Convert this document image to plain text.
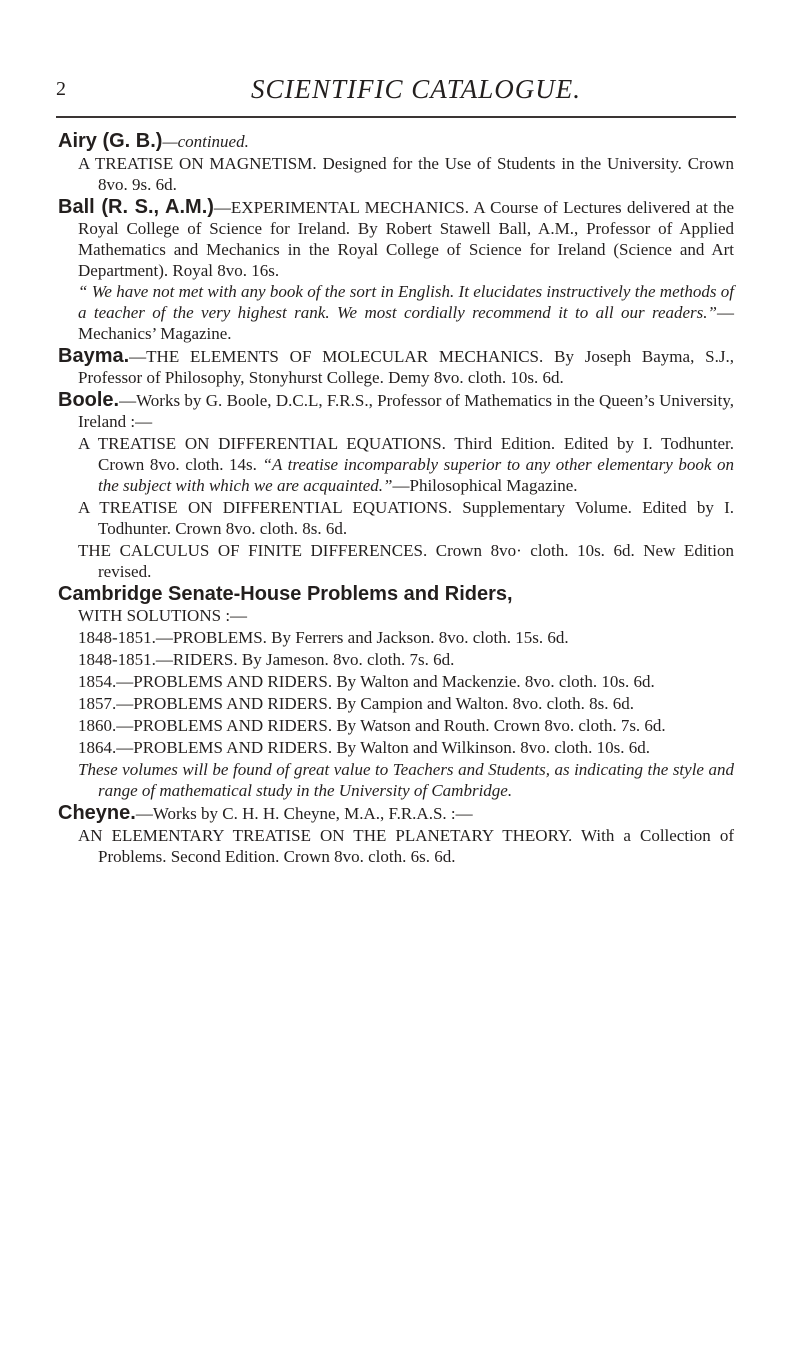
2	SCIENTIFIC CATALOGUE.
Airy (G. B.)—continued.
A TREATISE ON MAGNETISM. Designed for the Use of Students in the University. Crown 8vo. 9s. 6d.
Ball (R. S., A.M.)—EXPERIMENTAL MECHANICS. A Course of Lectures delivered at the Royal College of Science for Ireland. By Robert Stawell Ball, A.M., Professor of Applied Mathematics and Mechanics in the Royal College of Science for Ireland (Science and Art Department). Royal 8vo. 16s.
“ We have not met with any book of the sort in English. It elucidates instructively the methods of a teacher of the very highest rank. We most cordially recommend it to all our readers.”— Mechanics’ Magazine.
Bayma.—THE ELEMENTS OF MOLECULAR MECHANICS. By Joseph Bayma, S.J., Professor of Philosophy, Stonyhurst College. Demy 8vo. cloth. 10s. 6d.
Boole.—Works by G. Boole, D.C.L, F.R.S., Professor of Mathematics in the Queen’s University, Ireland :—
A TREATISE ON DIFFERENTIAL EQUATIONS. Third Edition. Edited by I. Todhunter. Crown 8vo. cloth. 14s. “A treatise incomparably superior to any other elementary book on the subject with which we are acquainted.”—Philosophical Magazine.
A TREATISE ON DIFFERENTIAL EQUATIONS. Supplementary Volume. Edited by I. Todhunter. Crown 8vo. cloth. 8s. 6d.
THE CALCULUS OF FINITE DIFFERENCES. Crown 8vo· cloth. 10s. 6d. New Edition revised.
Cambridge Senate-House Problems and Riders,
WITH SOLUTIONS :—
1848-1851.—PROBLEMS. By Ferrers and Jackson. 8vo. cloth. 15s. 6d.
1848-1851.—RIDERS. By Jameson. 8vo. cloth. 7s. 6d.
1854.—PROBLEMS AND RIDERS. By Walton and Mackenzie. 8vo. cloth. 10s. 6d.
1857.—PROBLEMS AND RIDERS. By Campion and Walton. 8vo. cloth. 8s. 6d.
1860.—PROBLEMS AND RIDERS. By Watson and Routh. Crown 8vo. cloth. 7s. 6d.
1864.—PROBLEMS AND RIDERS. By Walton and Wilkinson. 8vo. cloth. 10s. 6d.
These volumes will be found of great value to Teachers and Students, as indicating the style and range of mathematical study in the University of Cambridge.
Cheyne.—Works by C. H. H. Cheyne, M.A., F.R.A.S. :—
AN ELEMENTARY TREATISE ON THE PLANETARY THEORY. With a Collection of Problems. Second Edition. Crown 8vo. cloth. 6s. 6d.
